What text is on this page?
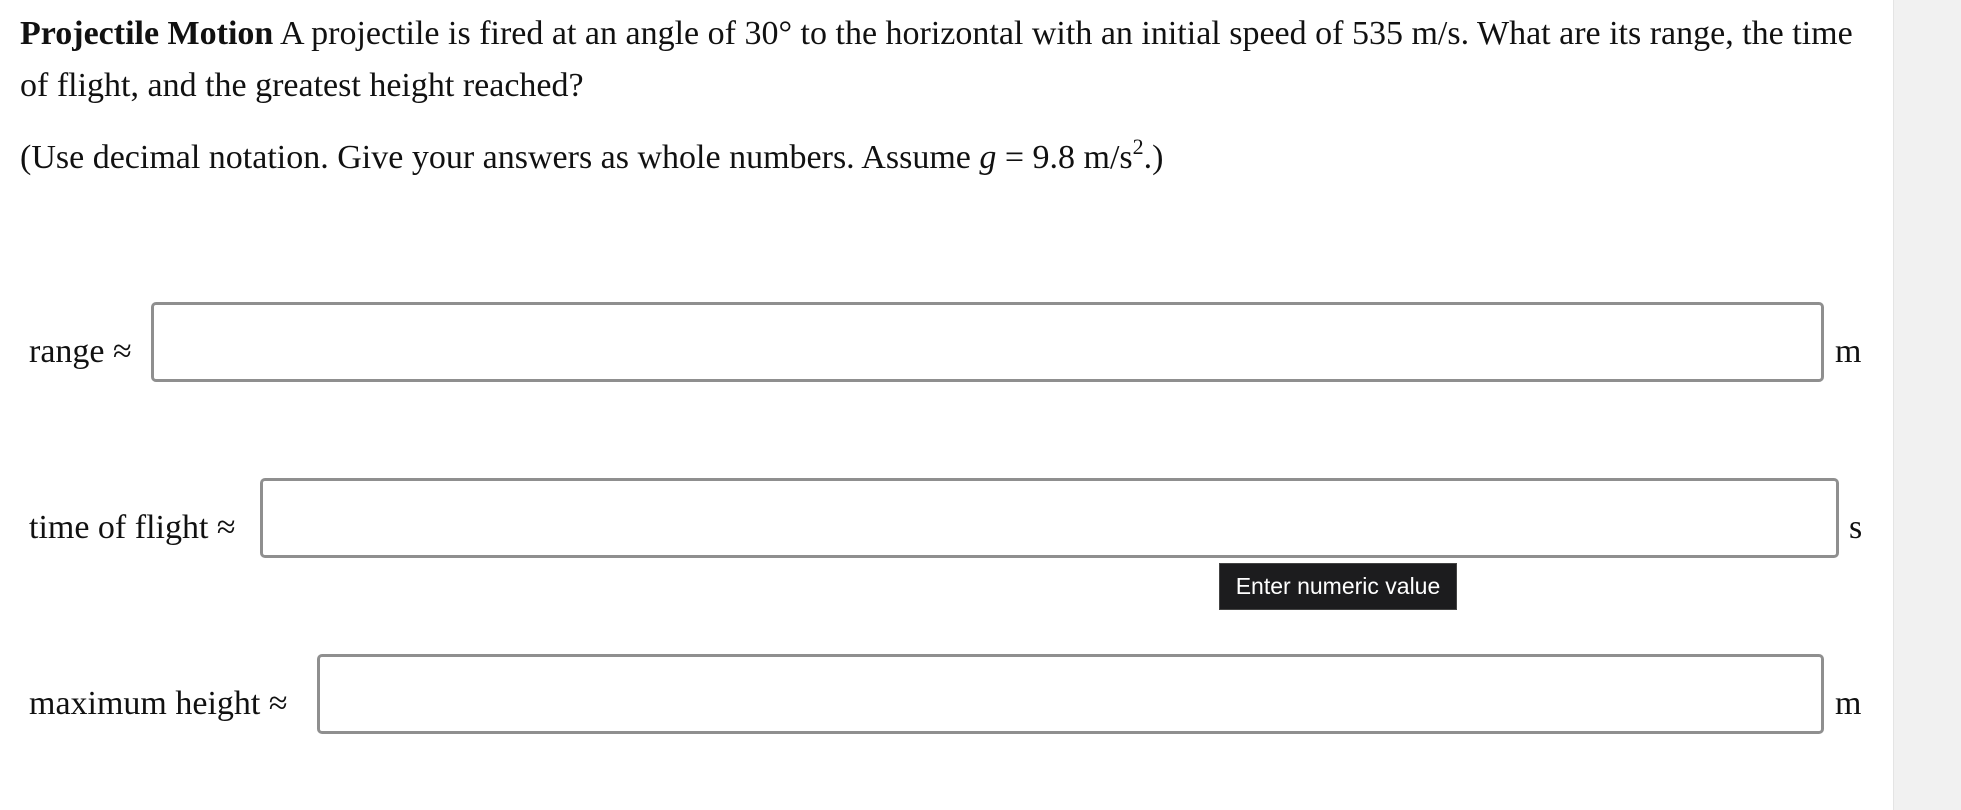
Projectile Motion A projectile is fired at an angle of 30° to the horizontal with an initial speed of 535 m/s. What are its range, the time of flight, and the greatest height reached?

(Use decimal notation. Give your answers as whole numbers. Assume g = 9.8 $m/s^2$.)

range ≈	m
time of flight ≈	s
Enter numeric value
maximum height ≈	m
